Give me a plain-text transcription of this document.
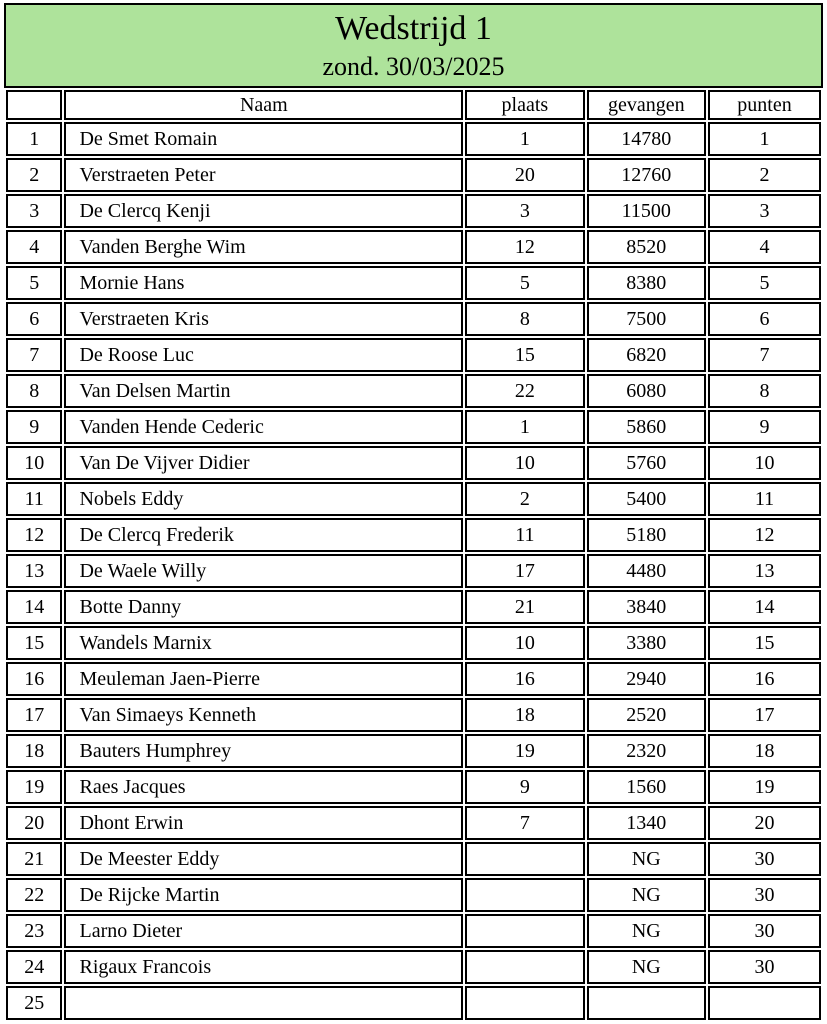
Wedstrijd 1
zond. 30/03/2025
	Naam	plaats	gevangen	punten
1	De Smet Romain	1	14780	1
2	Verstraeten Peter	20	12760	2
3	De Clercq Kenji	3	11500	3
4	Vanden Berghe Wim	12	8520	4
5	Mornie Hans	5	8380	5
6	Verstraeten Kris	8	7500	6
7	De Roose Luc	15	6820	7
8	Van Delsen Martin	22	6080	8
9	Vanden Hende Cederic	1	5860	9
10	Van De Vijver Didier	10	5760	10
11	Nobels Eddy	2	5400	11
12	De Clercq Frederik	11	5180	12
13	De Waele Willy	17	4480	13
14	Botte Danny	21	3840	14
15	Wandels Marnix	10	3380	15
16	Meuleman Jaen-Pierre	16	2940	16
17	Van Simaeys Kenneth	18	2520	17
18	Bauters Humphrey	19	2320	18
19	Raes Jacques	9	1560	19
20	Dhont Erwin	7	1340	20
21	De Meester Eddy		NG	30
22	De Rijcke Martin		NG	30
23	Larno Dieter		NG	30
24	Rigaux Francois		NG	30
25				
